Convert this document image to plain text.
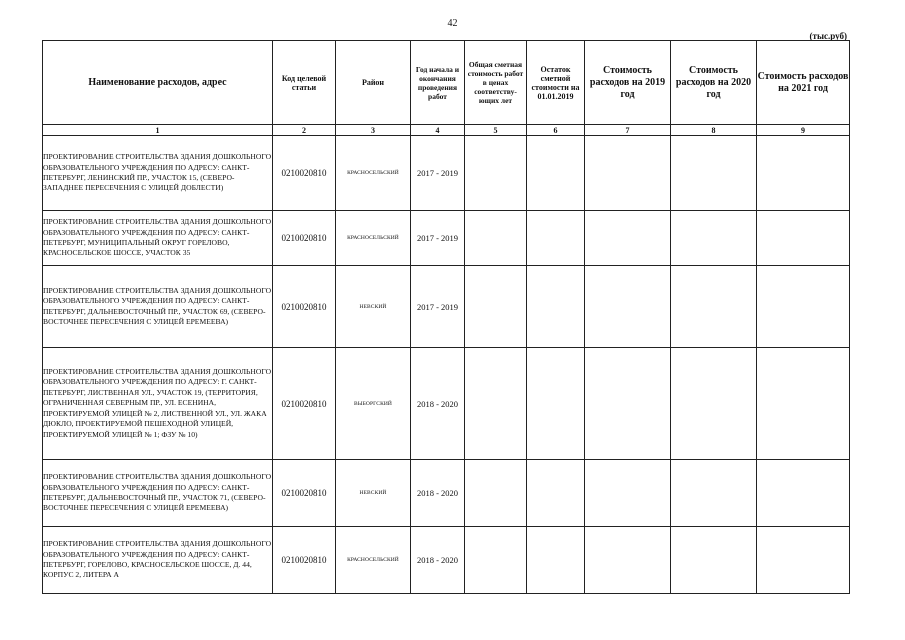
42
(тыс.руб)
Наименование расходов, адрес	Код целевой статьи	Район	Год начала и окончания проведения работ	Общая сметная стоимость работ в ценах соответству-ющих лет	Остаток сметной стоимости на 01.01.2019	Стоимость расходов на 2019 год	Стоимость расходов на 2020 год	Стоимость расходов на 2021 год
1	2	3	4	5	6	7	8	9
ПРОЕКТИРОВАНИЕ СТРОИТЕЛЬСТВА ЗДАНИЯ ДОШКОЛЬНОГО ОБРАЗОВАТЕЛЬНОГО УЧРЕЖДЕНИЯ ПО АДРЕСУ: САНКТ-ПЕТЕРБУРГ, ЛЕНИНСКИЙ ПР., УЧАСТОК 15, (СЕВЕРО-ЗАПАДНЕЕ ПЕРЕСЕЧЕНИЯ С УЛИЦЕЙ ДОБЛЕСТИ)	0210020810	КРАСНОСЕЛЬСКИЙ	2017 - 2019					
ПРОЕКТИРОВАНИЕ СТРОИТЕЛЬСТВА ЗДАНИЯ ДОШКОЛЬНОГО ОБРАЗОВАТЕЛЬНОГО УЧРЕЖДЕНИЯ ПО АДРЕСУ: САНКТ-ПЕТЕРБУРГ, МУНИЦИПАЛЬНЫЙ ОКРУГ ГОРЕЛОВО, КРАСНОСЕЛЬСКОЕ ШОССЕ, УЧАСТОК 35	0210020810	КРАСНОСЕЛЬСКИЙ	2017 - 2019					
ПРОЕКТИРОВАНИЕ СТРОИТЕЛЬСТВА ЗДАНИЯ ДОШКОЛЬНОГО ОБРАЗОВАТЕЛЬНОГО УЧРЕЖДЕНИЯ ПО АДРЕСУ: САНКТ-ПЕТЕРБУРГ, ДАЛЬНЕВОСТОЧНЫЙ ПР., УЧАСТОК 69, (СЕВЕРО-ВОСТОЧНЕЕ ПЕРЕСЕЧЕНИЯ С УЛИЦЕЙ ЕРЕМЕЕВА)	0210020810	НЕВСКИЙ	2017 - 2019					
ПРОЕКТИРОВАНИЕ СТРОИТЕЛЬСТВА ЗДАНИЯ ДОШКОЛЬНОГО ОБРАЗОВАТЕЛЬНОГО УЧРЕЖДЕНИЯ ПО АДРЕСУ: Г. САНКТ-ПЕТЕРБУРГ, ЛИСТВЕННАЯ УЛ., УЧАСТОК 19, (ТЕРРИТОРИЯ, ОГРАНИЧЕННАЯ СЕВЕРНЫМ ПР., УЛ. ЕСЕНИНА, ПРОЕКТИРУЕМОЙ УЛИЦЕЙ № 2, ЛИСТВЕННОЙ УЛ., УЛ. ЖАКА ДЮКЛО, ПРОЕКТИРУЕМОЙ ПЕШЕХОДНОЙ УЛИЦЕЙ, ПРОЕКТИРУЕМОЙ УЛИЦЕЙ № 1; ФЗУ № 10)	0210020810	ВЫБОРГСКИЙ	2018 - 2020					
ПРОЕКТИРОВАНИЕ СТРОИТЕЛЬСТВА ЗДАНИЯ ДОШКОЛЬНОГО ОБРАЗОВАТЕЛЬНОГО УЧРЕЖДЕНИЯ ПО АДРЕСУ: САНКТ-ПЕТЕРБУРГ, ДАЛЬНЕВОСТОЧНЫЙ ПР., УЧАСТОК 71, (СЕВЕРО-ВОСТОЧНЕЕ ПЕРЕСЕЧЕНИЯ С УЛИЦЕЙ ЕРЕМЕЕВА)	0210020810	НЕВСКИЙ	2018 - 2020					
ПРОЕКТИРОВАНИЕ СТРОИТЕЛЬСТВА ЗДАНИЯ ДОШКОЛЬНОГО ОБРАЗОВАТЕЛЬНОГО УЧРЕЖДЕНИЯ ПО АДРЕСУ: САНКТ-ПЕТЕРБУРГ, ГОРЕЛОВО, КРАСНОСЕЛЬСКОЕ ШОССЕ, Д. 44, КОРПУС 2, ЛИТЕРА А	0210020810	КРАСНОСЕЛЬСКИЙ	2018 - 2020					
